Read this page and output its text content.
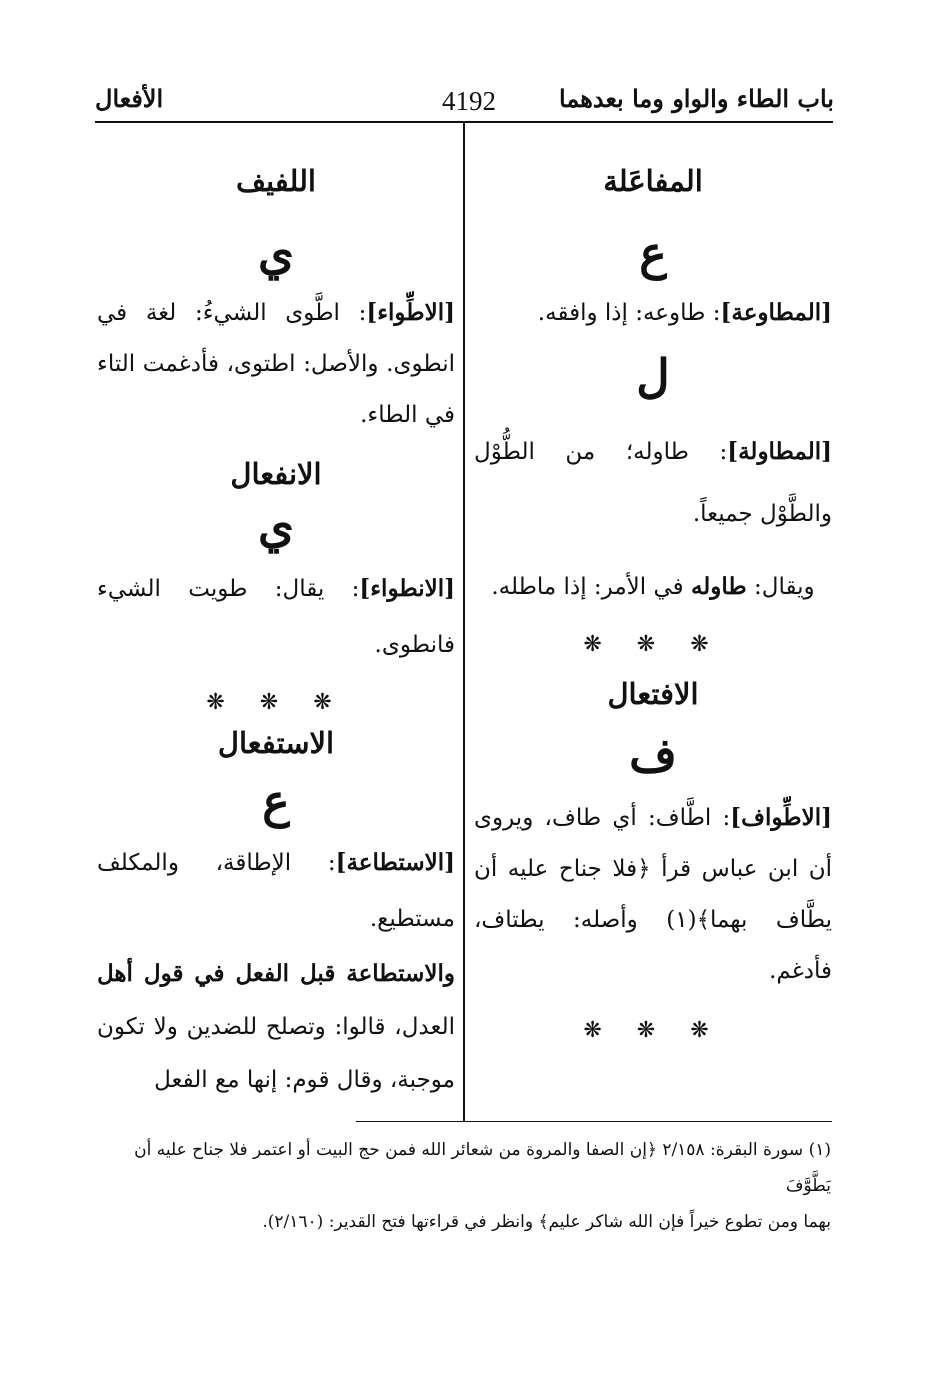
باب الطاء والواو وما بعدهما
4192
الأفعال

المفاعَلة

ع

[المطاوعة]: طاوعه: إذا وافقه.

ل

[المطاولة]: طاوله؛ من الطُّوْل والطَّوْل جميعاً.

ويقال: طاوله في الأمر: إذا ماطله.

❋ ❋ ❋

الافتعال

ف

[الاطِّواف]: اطَّاف: أي طاف، ويروى أن ابن عباس قرأ ﴿فلا جناح عليه أن يطَّاف بهما﴾(١) وأصله: يطتاف، فأدغم.

❋ ❋ ❋

اللفيف

ي

[الاطِّواء]: اطَّوى الشيءُ: لغة في انطوى. والأصل: اطتوى، فأدغمت التاء في الطاء.

الانفعال

ي

[الانطواء]: يقال: طويت الشيء فانطوى.

❋ ❋ ❋

الاستفعال

ع

[الاستطاعة]: الإطاقة، والمكلف مستطيع.

والاستطاعة قبل الفعل في قول أهل العدل، قالوا: وتصلح للضدين ولا تكون موجبة، وقال قوم: إنها مع الفعل

(١) سورة البقرة: ٢/١٥٨ ﴿إن الصفا والمروة من شعائر الله فمن حج البيت أو اعتمر فلا جناح عليه أن يَطَّوَّفَ

بهما ومن تطوع خيراً فإن الله شاكر عليم﴾ وانظر في قراءتها فتح القدير: (٢/١٦٠).
